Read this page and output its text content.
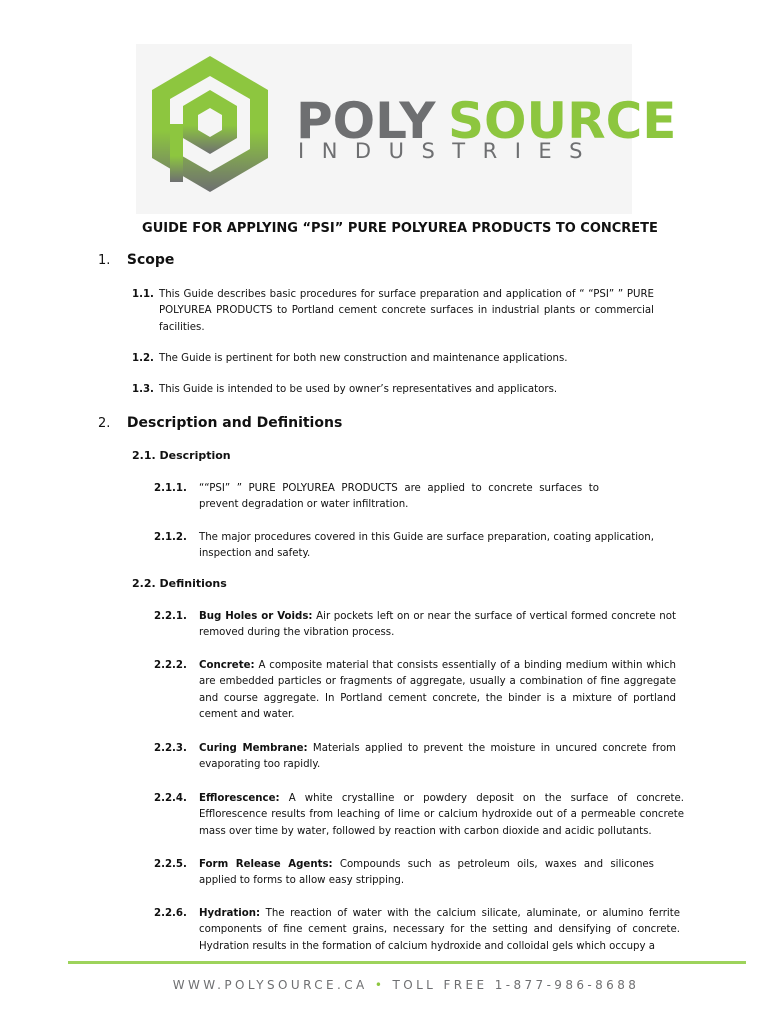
POLY SOURCE
INDUSTRIES
GUIDE FOR APPLYING “PSI” PURE POLYUREA PRODUCTS TO CONCRETE
1. Scope
1.1. This Guide describes basic procedures for surface preparation and application of “ “PSI” ” PURE POLYUREA PRODUCTS to Portland cement concrete surfaces in industrial plants or commercial facilities.
1.2. The Guide is pertinent for both new construction and maintenance applications.
1.3. This Guide is intended to be used by owner’s representatives and applicators.
2. Description and Definitions
2.1. Description
2.1.1.	““PSI” ” PURE POLYUREA PRODUCTS are applied to concrete surfaces to prevent degradation or water infiltration.
2.1.2.	The major procedures covered in this Guide are surface preparation, coating application, inspection and safety.
2.2. Definitions
2.2.1.	Bug Holes or Voids: Air pockets left on or near the surface of vertical formed concrete not removed during the vibration process.
2.2.2.	Concrete: A composite material that consists essentially of a binding medium within which are embedded particles or fragments of aggregate, usually a combination of fine aggregate and course aggregate. In Portland cement concrete, the binder is a mixture of portland cement and water.
2.2.3.	Curing Membrane: Materials applied to prevent the moisture in uncured concrete from evaporating too rapidly.
2.2.4.	Efflorescence: A white crystalline or powdery deposit on the surface of concrete. Efflorescence results from leaching of lime or calcium hydroxide out of a permeable concrete mass over time by water, followed by reaction with carbon dioxide and acidic pollutants.
2.2.5.	Form Release Agents: Compounds such as petroleum oils, waxes and silicones applied to forms to allow easy stripping.
2.2.6.	Hydration: The reaction of water with the calcium silicate, aluminate, or alumino ferrite components of fine cement grains, necessary for the setting and densifying of concrete. Hydration results in the formation of calcium hydroxide and colloidal gels which occupy a
WWW.POLYSOURCE.CA • TOLL FREE 1-877-986-8688
